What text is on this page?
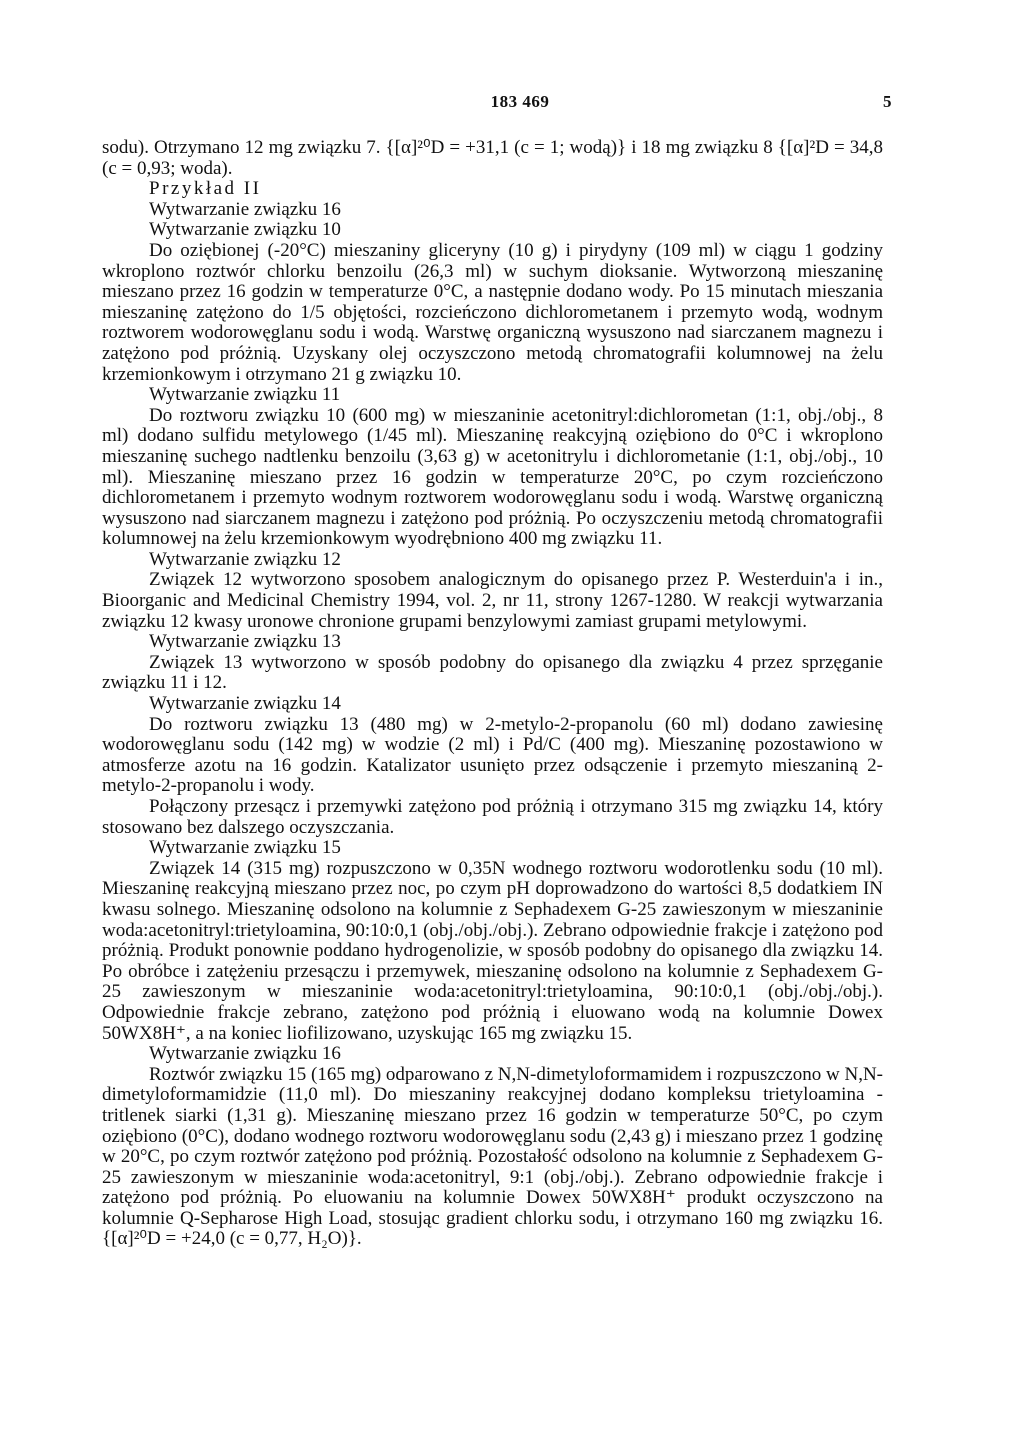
183 469	5

sodu). Otrzymano 12 mg związku 7. {[α]²⁰D = +31,1 (c = 1; wodą)} i 18 mg związku 8 {[α]²D = 34,8 (c = 0,93; woda).

Przykład II

Wytwarzanie związku 16

Wytwarzanie związku 10

Do oziębionej (-20°C) mieszaniny gliceryny (10 g) i pirydyny (109 ml) w ciągu 1 godziny wkroplono roztwór chlorku benzoilu (26,3 ml) w suchym dioksanie. Wytworzoną mieszaninę mieszano przez 16 godzin w temperaturze 0°C, a następnie dodano wody. Po 15 minutach mieszania mieszaninę zatężono do 1/5 objętości, rozcieńczono dichlorometanem i przemyto wodą, wodnym roztworem wodorowęglanu sodu i wodą. Warstwę organiczną wysuszono nad siarczanem magnezu i zatężono pod próżnią. Uzyskany olej oczyszczono metodą chromatografii kolumnowej na żelu krzemionkowym i otrzymano 21 g związku 10.

Wytwarzanie związku 11

Do roztworu związku 10 (600 mg) w mieszaninie acetonitryl:dichlorometan (1:1, obj./obj., 8 ml) dodano sulfidu metylowego (1/45 ml). Mieszaninę reakcyjną oziębiono do 0°C i wkroplono mieszaninę suchego nadtlenku benzoilu (3,63 g) w acetonitrylu i dichlorometanie (1:1, obj./obj., 10 ml). Mieszaninę mieszano przez 16 godzin w temperaturze 20°C, po czym rozcieńczono dichlorometanem i przemyto wodnym roztworem wodorowęglanu sodu i wodą. Warstwę organiczną wysuszono nad siarczanem magnezu i zatężono pod próżnią. Po oczyszczeniu metodą chromatografii kolumnowej na żelu krzemionkowym wyodrębniono 400 mg związku 11.

Wytwarzanie związku 12

Związek 12 wytworzono sposobem analogicznym do opisanego przez P. Westerduin'a i in., Bioorganic and Medicinal Chemistry 1994, vol. 2, nr 11, strony 1267-1280. W reakcji wytwarzania związku 12 kwasy uronowe chronione grupami benzylowymi zamiast grupami metylowymi.

Wytwarzanie związku 13

Związek 13 wytworzono w sposób podobny do opisanego dla związku 4 przez sprzęganie związku 11 i 12.

Wytwarzanie związku 14

Do roztworu związku 13 (480 mg) w 2-metylo-2-propanolu (60 ml) dodano zawiesinę wodorowęglanu sodu (142 mg) w wodzie (2 ml) i Pd/C (400 mg). Mieszaninę pozostawiono w atmosferze azotu na 16 godzin. Katalizator usunięto przez odsączenie i przemyto mieszaniną 2-metylo-2-propanolu i wody.

Połączony przesącz i przemywki zatężono pod próżnią i otrzymano 315 mg związku 14, który stosowano bez dalszego oczyszczania.

Wytwarzanie związku 15

Związek 14 (315 mg) rozpuszczono w 0,35N wodnego roztworu wodorotlenku sodu (10 ml). Mieszaninę reakcyjną mieszano przez noc, po czym pH doprowadzono do wartości 8,5 dodatkiem IN kwasu solnego. Mieszaninę odsolono na kolumnie z Sephadexem G-25 zawieszonym w mieszaninie woda:acetonitryl:trietyloamina, 90:10:0,1 (obj./obj./obj.). Zebrano odpowiednie frakcje i zatężono pod próżnią. Produkt ponownie poddano hydrogenolizie, w sposób podobny do opisanego dla związku 14. Po obróbce i zatężeniu przesączu i przemywek, mieszaninę odsolono na kolumnie z Sephadexem G-25 zawieszonym w mieszaninie woda:acetonitryl:trietyloamina, 90:10:0,1 (obj./obj./obj.). Odpowiednie frakcje zebrano, zatężono pod próżnią i eluowano wodą na kolumnie Dowex 50WX8H⁺, a na koniec liofilizowano, uzyskując 165 mg związku 15.

Wytwarzanie związku 16

Roztwór związku 15 (165 mg) odparowano z N,N-dimetyloformamidem i rozpuszczono w N,N-dimetyloformamidzie (11,0 ml). Do mieszaniny reakcyjnej dodano kompleksu trietyloamina - tritlenek siarki (1,31 g). Mieszaninę mieszano przez 16 godzin w temperaturze 50°C, po czym oziębiono (0°C), dodano wodnego roztworu wodorowęglanu sodu (2,43 g) i mieszano przez 1 godzinę w 20°C, po czym roztwór zatężono pod próżnią. Pozostałość odsolono na kolumnie z Sephadexem G-25 zawieszonym w mieszaninie woda:acetonitryl, 9:1 (obj./obj.). Zebrano odpowiednie frakcje i zatężono pod próżnią. Po eluowaniu na kolumnie Dowex 50WX8H⁺ produkt oczyszczono na kolumnie Q-Sepharose High Load, stosując gradient chlorku sodu, i otrzymano 160 mg związku 16. {[α]²⁰D = +24,0 (c = 0,77, H₂O)}.
